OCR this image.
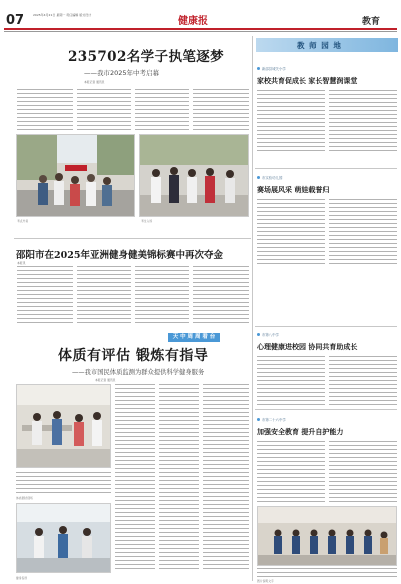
07	2025年4月21日 星期一 责任编辑 版式设计
健康报	教育
235702名学子执笔逐梦
——我市2025年中考启幕
本报记者 通讯员
考点外景	考生入场
邵阳市在2025年亚洲健身健美锦标赛中再次夺金
本报讯
天 中 周 周 看 台
体质有评估 锻炼有指导
——我市国民体质监测为群众提供科学健身服务
本报记者 通讯员
体质测试现场
健身指导
教 师 园 地
新邵县城关小学
家校共育促成长 家长智慧润课堂
市实验幼儿园
赛场展风采 萌娃载誉归
市第八中学
心理健康进校园 协同共育助成长
市第二十六中学
加强安全教育 提升自护能力
图片说明文字
